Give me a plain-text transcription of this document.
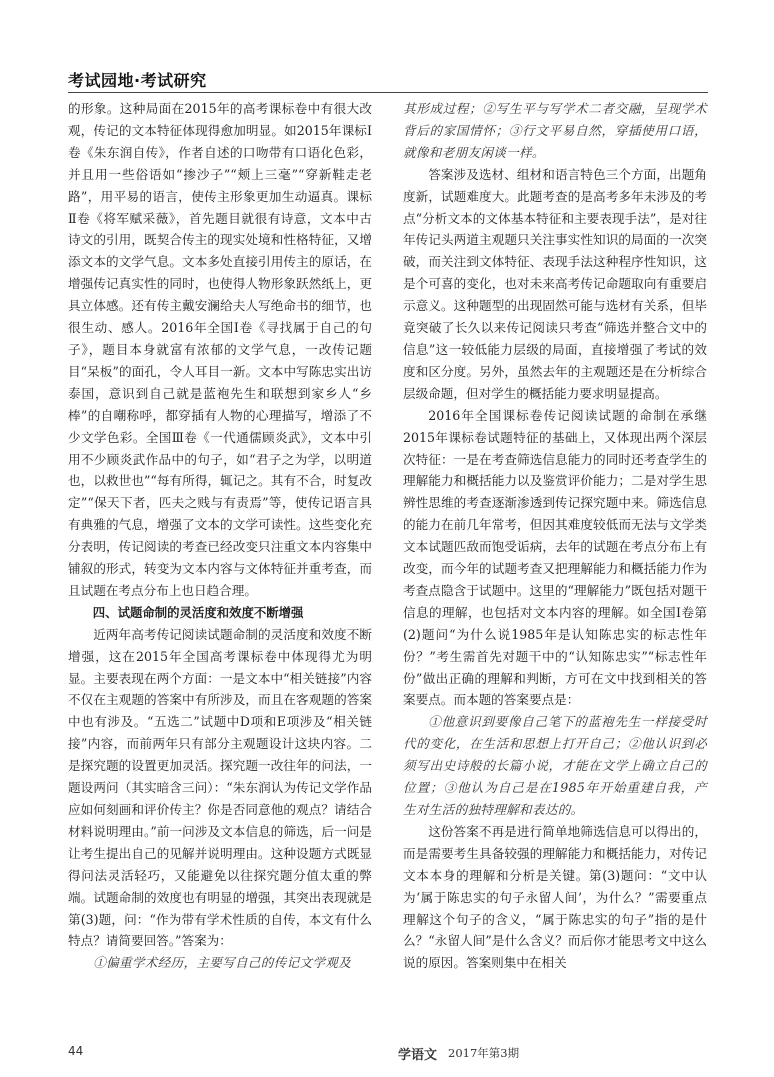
考试园地·考试研究

的形象。这种局面在2015年的高考课标卷中有很大改观，传记的文本特征体现得愈加明显。如2015年课标Ⅰ卷《朱东润自传》，作者自述的口吻带有口语化色彩，并且用一些俗语如“掺沙子”“颊上三毫”“穿新鞋走老路”，用平易的语言，使传主形象更加生动逼真。课标Ⅱ卷《将军赋采薇》，首先题目就很有诗意，文本中古诗文的引用，既契合传主的现实处境和性格特征，又增添文本的文学气息。文本多处直接引用传主的原话，在增强传记真实性的同时，也使得人物形象跃然纸上，更具立体感。还有传主戴安澜给夫人写绝命书的细节，也很生动、感人。2016年全国Ⅰ卷《寻找属于自己的句子》，题目本身就富有浓郁的文学气息，一改传记题目“呆板”的面孔，令人耳目一新。文本中写陈忠实出访泰国，意识到自己就是蓝袍先生和联想到家乡人“乡棒”的自嘲称呼，都穿插有人物的心理描写，增添了不少文学色彩。全国Ⅲ卷《一代通儒顾炎武》，文本中引用不少顾炎武作品中的句子，如“君子之为学，以明道也，以救世也”“每有所得，辄记之。其有不合，时复改定”“保天下者，匹夫之贱与有责焉”等，使传记语言具有典雅的气息，增强了文本的文学可读性。这些变化充分表明，传记阅读的考查已经改变只注重文本内容集中铺叙的形式，转变为文本内容与文体特征并重考查，而且试题在考点分布上也日趋合理。

四、试题命制的灵活度和效度不断增强

近两年高考传记阅读试题命制的灵活度和效度不断增强，这在2015年全国高考课标卷中体现得尤为明显。主要表现在两个方面：一是文本中“相关链接”内容不仅在主观题的答案中有所涉及，而且在客观题的答案中也有涉及。“五选二”试题中D项和E项涉及“相关链接”内容，而前两年只有部分主观题设计这块内容。二是探究题的设置更加灵活。探究题一改往年的问法，一题设两问（其实暗含三问）：“朱东润认为传记文学作品应如何刻画和评价传主？你是否同意他的观点？请结合材料说明理由。”前一问涉及文本信息的筛选，后一问是让考生提出自己的见解并说明理由。这种设题方式既显得问法灵活轻巧，又能避免以往探究题分值太重的弊端。试题命制的效度也有明显的增强，其突出表现就是第(3)题，问：“作为带有学术性质的自传，本文有什么特点？请简要回答。”答案为：

①偏重学术经历，主要写自己的传记文学观及

其形成过程；②写生平与写学术二者交融，呈现学术背后的家国情怀；③行文平易自然，穿插使用口语，就像和老朋友闲谈一样。

答案涉及选材、组材和语言特色三个方面，出题角度新，试题难度大。此题考查的是高考多年未涉及的考点“分析文本的文体基本特征和主要表现手法”，是对往年传记头两道主观题只关注事实性知识的局面的一次突破，而关注到文体特征、表现手法这种程序性知识，这是个可喜的变化，也对未来高考传记命题取向有重要启示意义。这种题型的出现固然可能与选材有关系，但毕竟突破了长久以来传记阅读只考查“筛选并整合文中的信息”这一较低能力层级的局面，直接增强了考试的效度和区分度。另外，虽然去年的主观题还是在分析综合层级命题，但对学生的概括能力要求明显提高。

2016年全国课标卷传记阅读试题的命制在承继2015年课标卷试题特征的基础上，又体现出两个深层次特征：一是在考查筛选信息能力的同时还考查学生的理解能力和概括能力以及鉴赏评价能力；二是对学生思辨性思维的考查逐渐渗透到传记探究题中来。筛选信息的能力在前几年常考，但因其难度较低而无法与文学类文本试题匹敌而饱受诟病，去年的试题在考点分布上有改变，而今年的试题考查又把理解能力和概括能力作为考查点隐含于试题中。这里的“理解能力”既包括对题干信息的理解，也包括对文本内容的理解。如全国Ⅰ卷第(2)题问“为什么说1985年是认知陈忠实的标志性年份？”考生需首先对题干中的“认知陈忠实”“标志性年份”做出正确的理解和判断，方可在文中找到相关的答案要点。而本题的答案要点是：

①他意识到要像自己笔下的蓝袍先生一样接受时代的变化，在生活和思想上打开自己；②他认识到必须写出史诗般的长篇小说，才能在文学上确立自己的位置；③他认为自己是在1985年开始重建自我，产生对生活的独特理解和表达的。

这份答案不再是进行简单地筛选信息可以得出的，而是需要考生具备较强的理解能力和概括能力，对传记文本本身的理解和分析是关键。第(3)题问：“文中认为‘属于陈忠实的句子永留人间’，为什么？”需要重点理解这个句子的含义，“属于陈忠实的句子”指的是什么？“永留人间”是什么含义？而后你才能思考文中这么说的原因。答案则集中在相关

44	学语文 2017年第3期
